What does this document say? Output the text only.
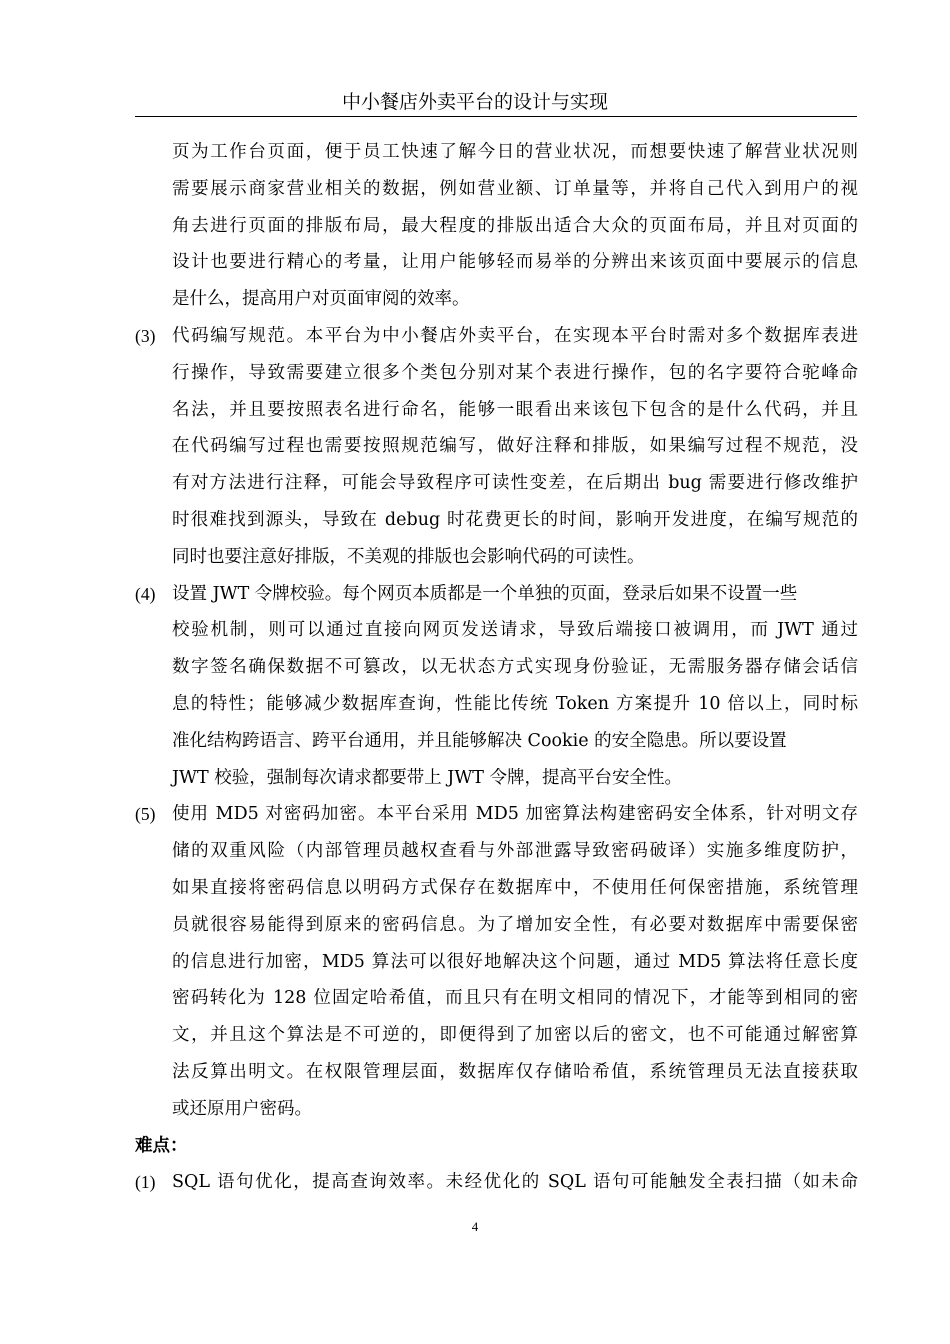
中小餐店外卖平台的设计与实现
页为工作台页面，便于员工快速了解今日的营业状况，而想要快速了解营业状况则
需要展示商家营业相关的数据，例如营业额、订单量等，并将自己代入到用户的视
角去进行页面的排版布局，最大程度的排版出适合大众的页面布局，并且对页面的
设计也要进行精心的考量，让用户能够轻而易举的分辨出来该页面中要展示的信息
是什么，提高用户对页面审阅的效率。
(3) 代码编写规范。本平台为中小餐店外卖平台，在实现本平台时需对多个数据库表进
行操作，导致需要建立很多个类包分别对某个表进行操作，包的名字要符合驼峰命
名法，并且要按照表名进行命名，能够一眼看出来该包下包含的是什么代码，并且
在代码编写过程也需要按照规范编写，做好注释和排版，如果编写过程不规范，没
有对方法进行注释，可能会导致程序可读性变差，在后期出 bug 需要进行修改维护
时很难找到源头，导致在 debug 时花费更长的时间，影响开发进度，在编写规范的
同时也要注意好排版，不美观的排版也会影响代码的可读性。
(4) 设置 JWT 令牌校验。每个网页本质都是一个单独的页面，登录后如果不设置一些
校验机制，则可以通过直接向网页发送请求，导致后端接口被调用，而 JWT 通过
数字签名确保数据不可篡改，以无状态方式实现身份验证，无需服务器存储会话信
息的特性；能够减少数据库查询，性能比传统 Token 方案提升 10 倍以上，同时标
准化结构跨语言、跨平台通用，并且能够解决 Cookie 的安全隐患。所以要设置
JWT 校验，强制每次请求都要带上 JWT 令牌，提高平台安全性。
(5) 使用 MD5 对密码加密。本平台采用 MD5 加密算法构建密码安全体系，针对明文存
储的双重风险（内部管理员越权查看与外部泄露导致密码破译）实施多维度防护，
如果直接将密码信息以明码方式保存在数据库中，不使用任何保密措施，系统管理
员就很容易能得到原来的密码信息。为了增加安全性，有必要对数据库中需要保密
的信息进行加密，MD5 算法可以很好地解决这个问题，通过 MD5 算法将任意长度
密码转化为 128 位固定哈希值，而且只有在明文相同的情况下，才能等到相同的密
文，并且这个算法是不可逆的，即便得到了加密以后的密文，也不可能通过解密算
法反算出明文。在权限管理层面，数据库仅存储哈希值，系统管理员无法直接获取
或还原用户密码。
难点：
(1) SQL 语句优化，提高查询效率。未经优化的 SQL 语句可能触发全表扫描（如未命
4
